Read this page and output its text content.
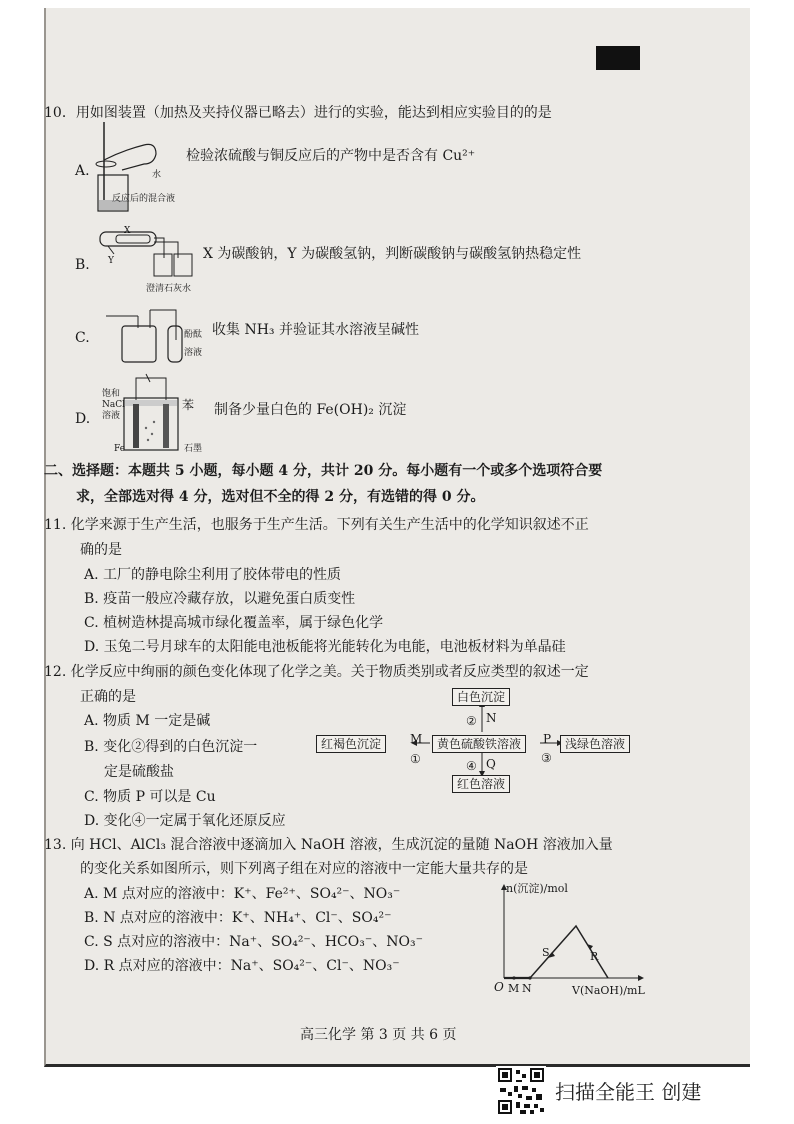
10．用如图装置（加热及夹持仪器已略去）进行的实验，能达到相应实验目的的是
A.	水
反应后的混合液
检验浓硫酸与铜反应后的产物中是否含有 Cu²⁺
B.
X
Y
澄清石灰水
X 为碳酸钠，Y 为碳酸氢钠，判断碳酸钠与碳酸氢钠热稳定性
C.	酚酞
溶液
收集 NH₃ 并验证其水溶液呈碱性
D.
饱和
NaCl
溶液
苯
Fe	石墨
制备少量白色的 Fe(OH)₂ 沉淀
二、选择题：本题共 5 小题，每小题 4 分，共计 20 分。每小题有一个或多个选项符合要
求，全部选对得 4 分，选对但不全的得 2 分，有选错的得 0 分。
11. 化学来源于生产生活，也服务于生产生活。下列有关生产生活中的化学知识叙述不正
确的是
A. 工厂的静电除尘利用了胶体带电的性质
B. 疫苗一般应冷藏存放，以避免蛋白质变性
C. 植树造林提高城市绿化覆盖率，属于绿色化学
D. 玉兔二号月球车的太阳能电池板能将光能转化为电能，电池板材料为单晶硅
12. 化学反应中绚丽的颜色变化体现了化学之美。关于物质类别或者反应类型的叙述一定
正确的是
A. 物质 M 一定是碱
B. 变化②得到的白色沉淀一
定是硫酸盐
C. 物质 P 可以是 Cu
D. 变化④一定属于氧化还原反应
白色沉淀
红褐色沉淀	黄色硫酸铁溶液	浅绿色溶液
红色溶液
N
②
M
①
P
③
Q
④
13. 向 HCl、AlCl₃ 混合溶液中逐滴加入 NaOH 溶液，生成沉淀的量随 NaOH 溶液加入量
的变化关系如图所示，则下列离子组在对应的溶液中一定能大量共存的是
A. M 点对应的溶液中：K⁺、Fe²⁺、SO₄²⁻、NO₃⁻
B. N 点对应的溶液中：K⁺、NH₄⁺、Cl⁻、SO₄²⁻
C. S 点对应的溶液中：Na⁺、SO₄²⁻、HCO₃⁻、NO₃⁻
D. R 点对应的溶液中：Na⁺、SO₄²⁻、Cl⁻、NO₃⁻
n(沉淀)/mol
V(NaOH)/mL
O M N
S	R
高三化学 第 3 页 共 6 页
扫描全能王 创建
